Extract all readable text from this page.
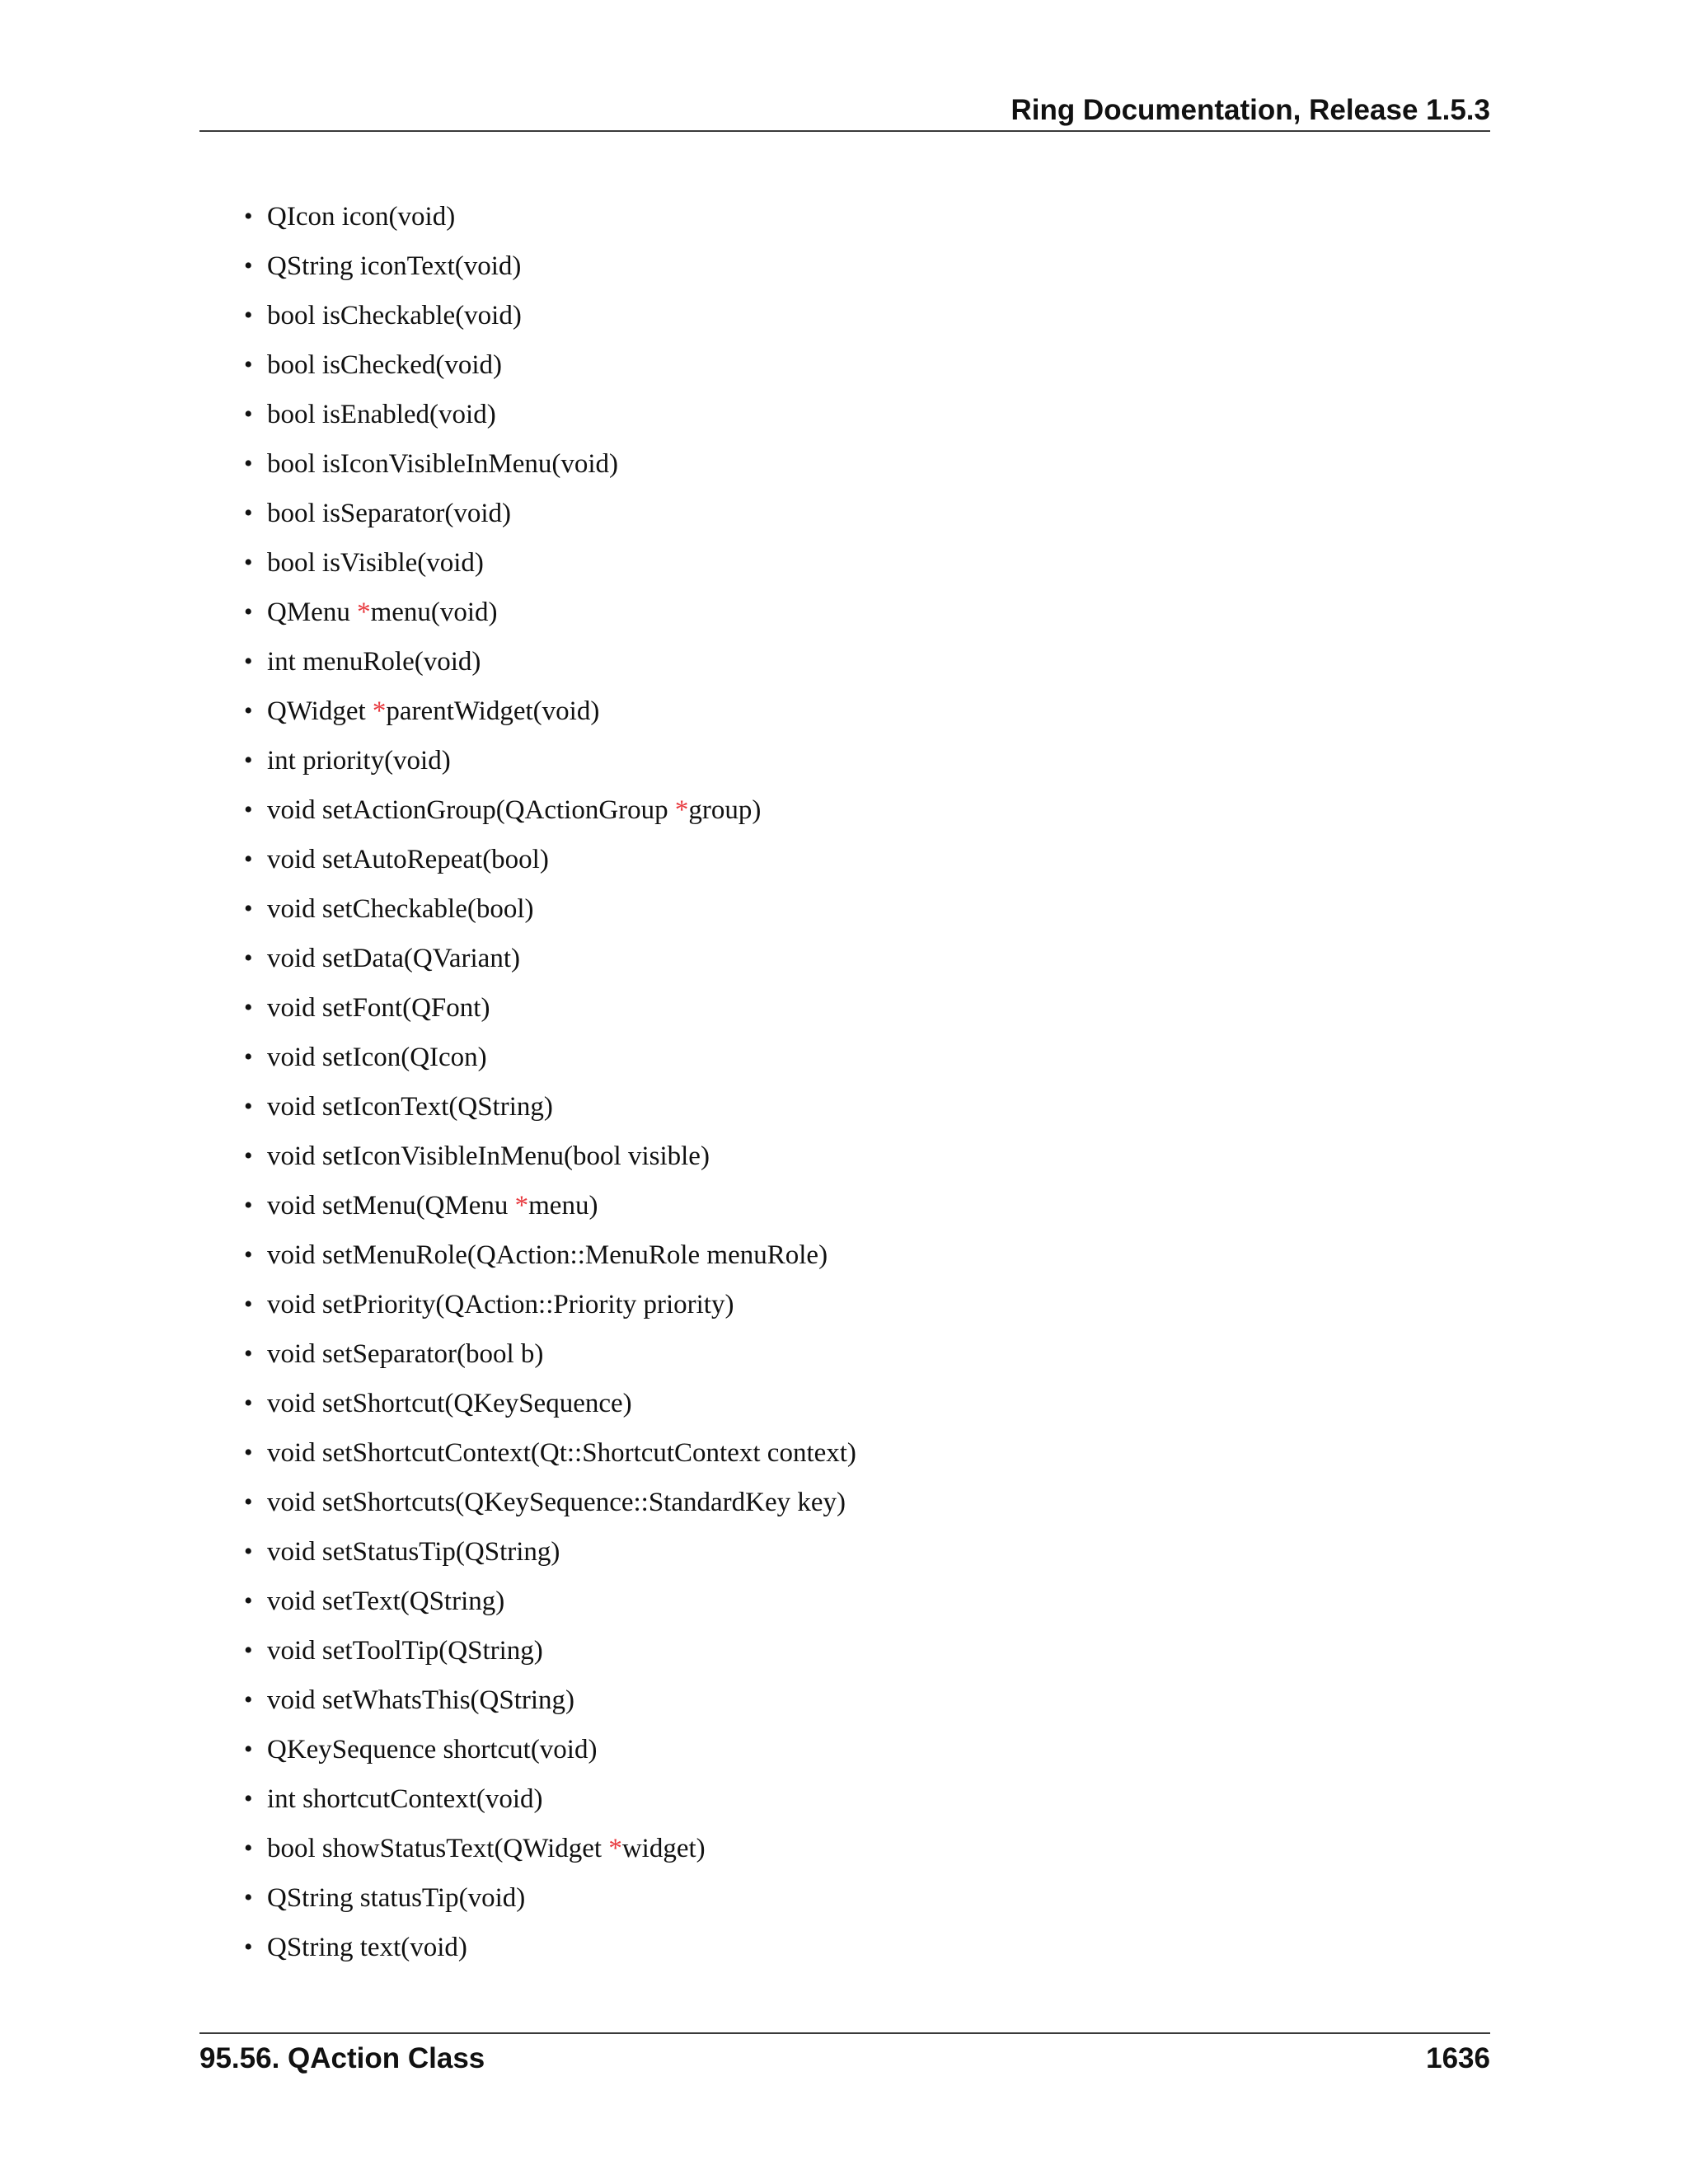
Ring Documentation, Release 1.5.3
• QIcon icon(void)
• QString iconText(void)
• bool isCheckable(void)
• bool isChecked(void)
• bool isEnabled(void)
• bool isIconVisibleInMenu(void)
• bool isSeparator(void)
• bool isVisible(void)
• QMenu *menu(void)
• int menuRole(void)
• QWidget *parentWidget(void)
• int priority(void)
• void setActionGroup(QActionGroup *group)
• void setAutoRepeat(bool)
• void setCheckable(bool)
• void setData(QVariant)
• void setFont(QFont)
• void setIcon(QIcon)
• void setIconText(QString)
• void setIconVisibleInMenu(bool visible)
• void setMenu(QMenu *menu)
• void setMenuRole(QAction::MenuRole menuRole)
• void setPriority(QAction::Priority priority)
• void setSeparator(bool b)
• void setShortcut(QKeySequence)
• void setShortcutContext(Qt::ShortcutContext context)
• void setShortcuts(QKeySequence::StandardKey key)
• void setStatusTip(QString)
• void setText(QString)
• void setToolTip(QString)
• void setWhatsThis(QString)
• QKeySequence shortcut(void)
• int shortcutContext(void)
• bool showStatusText(QWidget *widget)
• QString statusTip(void)
• QString text(void)
95.56. QAction Class	1636
